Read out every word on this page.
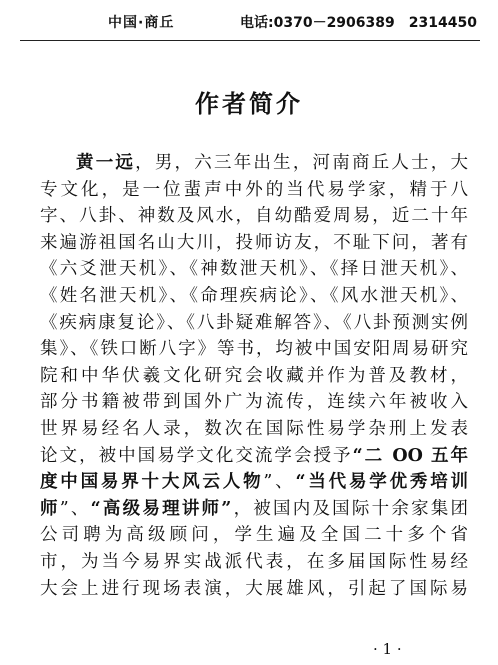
中国·商丘	电话:0370－2906389 2314450
作者简介
黄一远，男，六三年出生，河南商丘人士，大
专文化，是一位蜚声中外的当代易学家，精于八
字、八卦、神数及风水，自幼酷爱周易，近二十年
来遍游祖国名山大川，投师访友，不耻下问，著有
《六爻泄天机》、《神数泄天机》、《择日泄天机》、
《姓名泄天机》、《命理疾病论》、《风水泄天机》、
《疾病康复论》、《八卦疑难解答》、《八卦预测实例
集》、《铁口断八字》等书，均被中国安阳周易研究
院和中华伏羲文化研究会收藏并作为普及教材，
部分书籍被带到国外广为流传，连续六年被收入
世界易经名人录，数次在国际性易学杂刑上发表
论文，被中国易学文化交流学会授予“二 OO 五年
度中国易界十大风云人物”、“当代易学优秀培训
师”、“高级易理讲师”，被国内及国际十余家集团
公司聘为高级顾问，学生遍及全国二十多个省
市，为当今易界实战派代表，在多届国际性易经
大会上进行现场表演，大展雄风，引起了国际易
· 1 ·
